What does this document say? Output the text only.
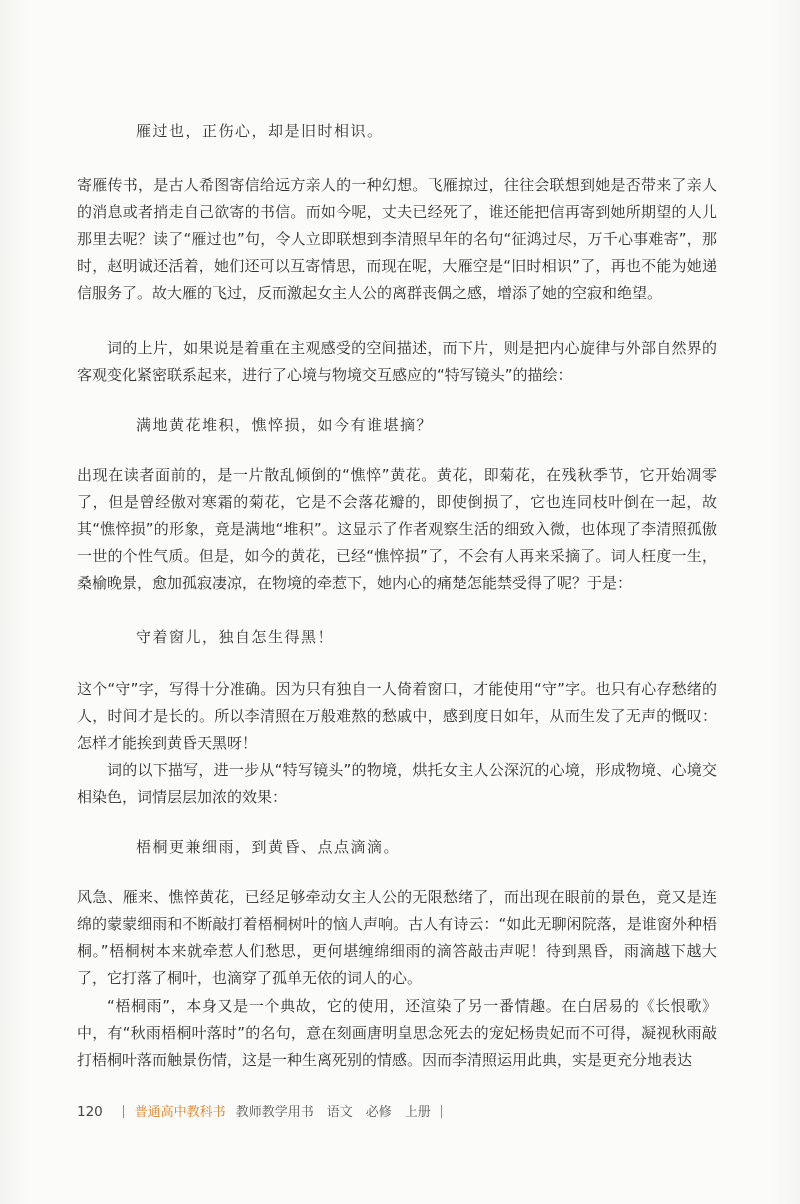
雁过也，正伤心，却是旧时相识。
寄雁传书，是古人希图寄信给远方亲人的一种幻想。飞雁掠过，往往会联想到她是否带来了亲人的消息或者捎走自己欲寄的书信。而如今呢，丈夫已经死了，谁还能把信再寄到她所期望的人儿那里去呢？读了“雁过也”句，令人立即联想到李清照早年的名句“征鸿过尽，万千心事难寄”，那时，赵明诚还活着，她们还可以互寄情思，而现在呢，大雁空是“旧时相识”了，再也不能为她递信服务了。故大雁的飞过，反而激起女主人公的离群丧偶之感，增添了她的空寂和绝望。
词的上片，如果说是着重在主观感受的空间描述，而下片，则是把内心旋律与外部自然界的客观变化紧密联系起来，进行了心境与物境交互感应的“特写镜头”的描绘：
满地黄花堆积，憔悴损，如今有谁堪摘？
出现在读者面前的，是一片散乱倾倒的“憔悴”黄花。黄花，即菊花，在残秋季节，它开始凋零了，但是曾经傲对寒霜的菊花，它是不会落花瓣的，即使倒损了，它也连同枝叶倒在一起，故其“憔悴损”的形象，竟是满地“堆积”。这显示了作者观察生活的细致入微，也体现了李清照孤傲一世的个性气质。但是，如今的黄花，已经“憔悴损”了，不会有人再来采摘了。词人枉度一生，桑榆晚景，愈加孤寂凄凉，在物境的牵惹下，她内心的痛楚怎能禁受得了呢？于是：
守着窗儿，独自怎生得黑！
这个“守”字，写得十分准确。因为只有独自一人倚着窗口，才能使用“守”字。也只有心存愁绪的人，时间才是长的。所以李清照在万般难熬的愁戚中，感到度日如年，从而生发了无声的慨叹：怎样才能挨到黄昏天黑呀！
词的以下描写，进一步从“特写镜头”的物境，烘托女主人公深沉的心境，形成物境、心境交相染色，词情层层加浓的效果：
梧桐更兼细雨，到黄昏、点点滴滴。
风急、雁来、憔悴黄花，已经足够牵动女主人公的无限愁绪了，而出现在眼前的景色，竟又是连绵的蒙蒙细雨和不断敲打着梧桐树叶的恼人声响。古人有诗云：“如此无聊闲院落，是谁窗外种梧桐。”梧桐树本来就牵惹人们愁思，更何堪缠绵细雨的滴答敲击声呢！待到黑昏，雨滴越下越大了，它打落了桐叶，也滴穿了孤单无依的词人的心。
“梧桐雨”，本身又是一个典故，它的使用，还渲染了另一番情趣。在白居易的《长恨歌》中，有“秋雨梧桐叶落时”的名句，意在刻画唐明皇思念死去的宠妃杨贵妃而不可得，凝视秋雨敲打梧桐叶落而触景伤情，这是一种生离死别的情感。因而李清照运用此典，实是更充分地表达
120 普通高中教科书 教师教学用书　语文　必修　上册
